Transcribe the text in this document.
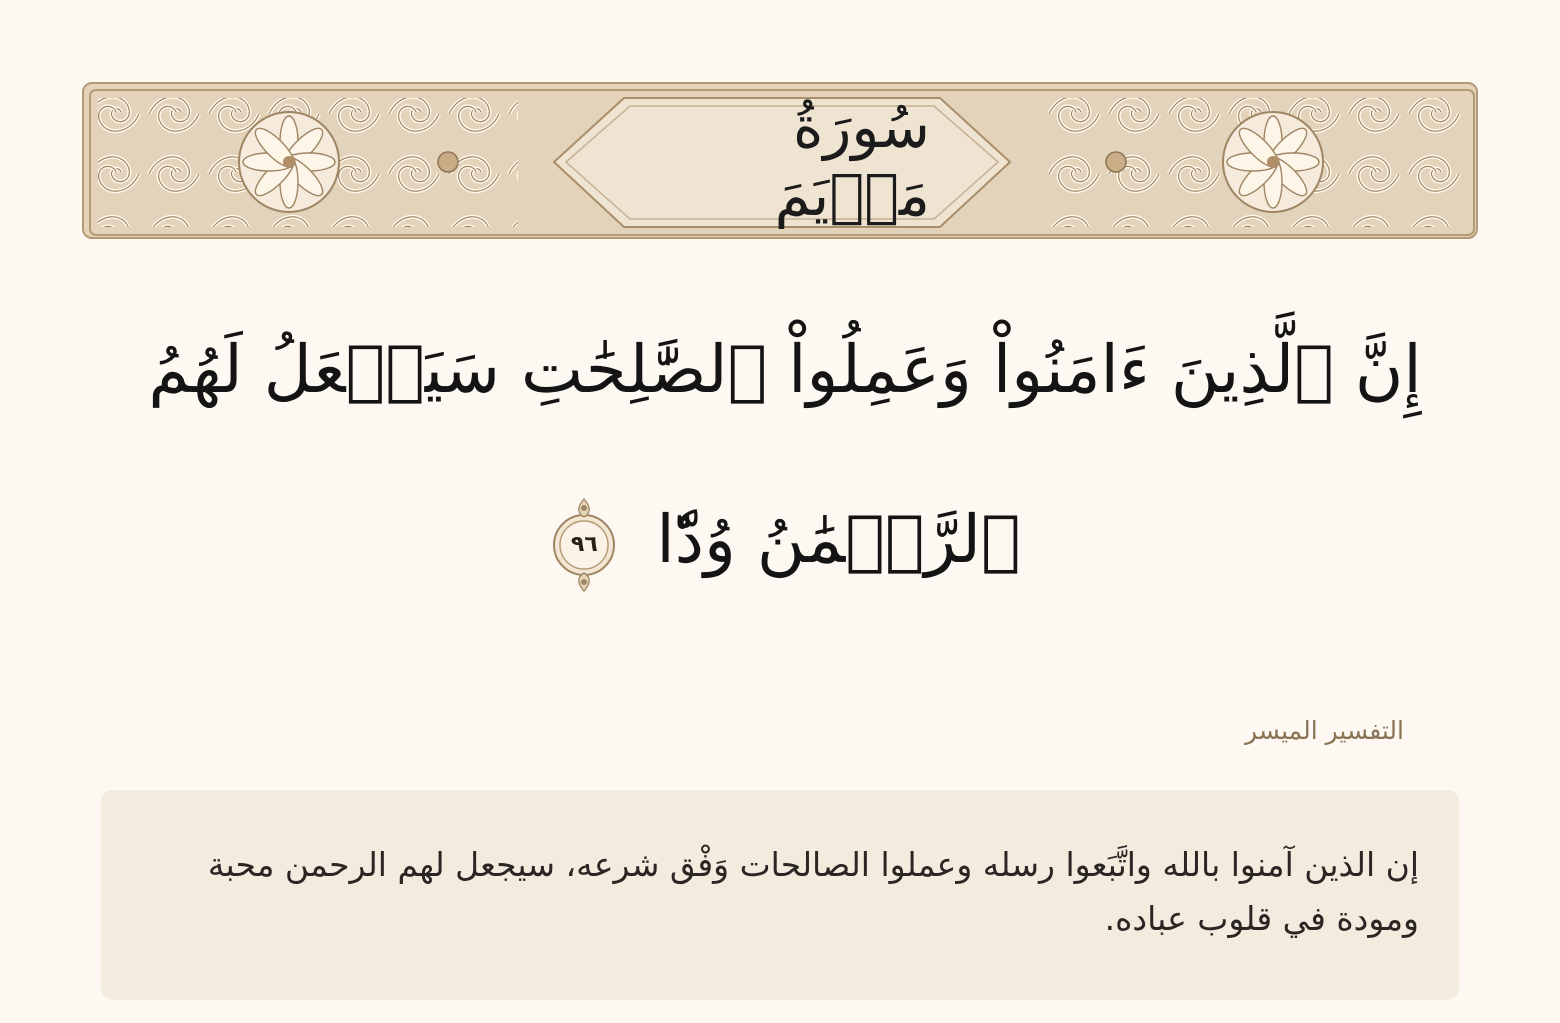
سُورَةُ مَرۡيَمَ
إِنَّ ٱلَّذِينَ ءَامَنُواْ وَعَمِلُواْ ٱلصَّٰلِحَٰتِ سَيَجۡعَلُ لَهُمُ
ٱلرَّحۡمَٰنُ وُدّٗا
٩٦
التفسير الميسر

إن الذين آمنوا بالله واتَّبَعوا رسله وعملوا الصالحات وَفْق شرعه، سيجعل لهم الرحمن محبة ومودة في قلوب عباده.
